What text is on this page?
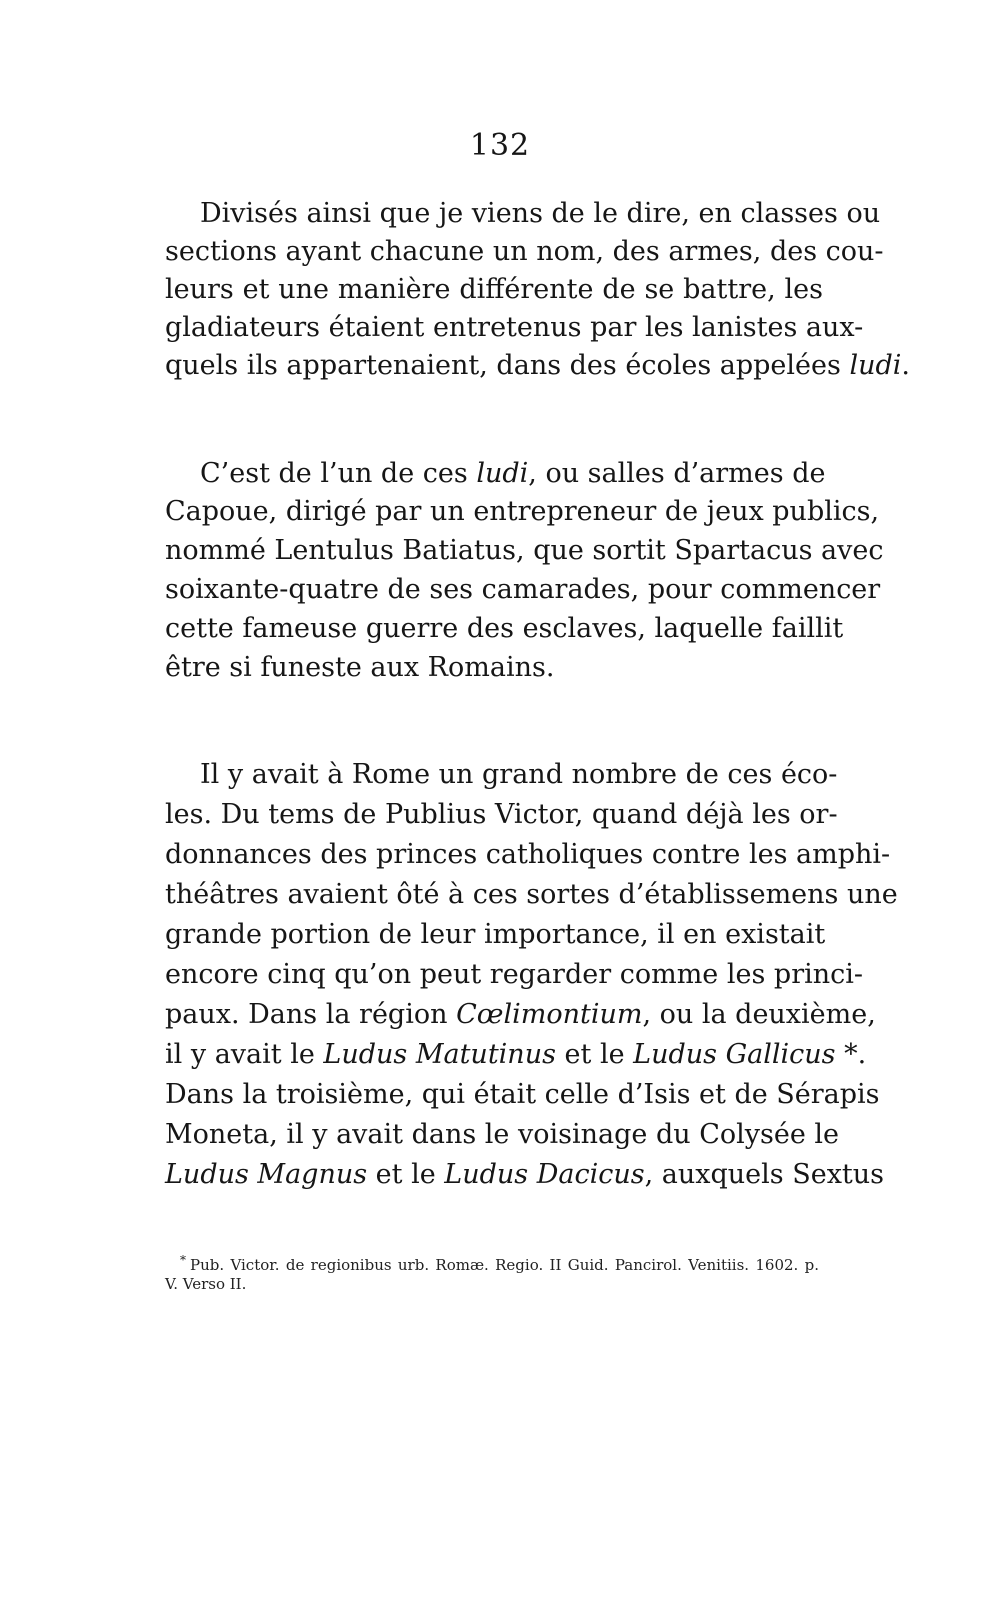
132
Divisés ainsi que je viens de le dire, en classes ou
sections ayant chacune un nom, des armes, des cou-
leurs et une manière différente de se battre, les
gladiateurs étaient entretenus par les lanistes aux-
quels ils appartenaient, dans des écoles appelées ludi.
C’est de l’un de ces ludi, ou salles d’armes de
Capoue, dirigé par un entrepreneur de jeux publics,
nommé Lentulus Batiatus, que sortit Spartacus avec
soixante-quatre de ses camarades, pour commencer
cette fameuse guerre des esclaves, laquelle faillit
être si funeste aux Romains.
Il y avait à Rome un grand nombre de ces éco-
les. Du tems de Publius Victor, quand déjà les or-
donnances des princes catholiques contre les amphi-
théâtres avaient ôté à ces sortes d’établissemens une
grande portion de leur importance, il en existait
encore cinq qu’on peut regarder comme les princi-
paux. Dans la région Cœlimontium, ou la deuxième,
il y avait le Ludus Matutinus et le Ludus Gallicus *.
Dans la troisième, qui était celle d’Isis et de Sérapis
Moneta, il y avait dans le voisinage du Colysée le
Ludus Magnus et le Ludus Dacicus, auxquels Sextus
* Pub. Victor. de regionibus urb. Romæ. Regio. II Guid. Pancirol. Venitiis. 1602. p.
V. Verso II.
